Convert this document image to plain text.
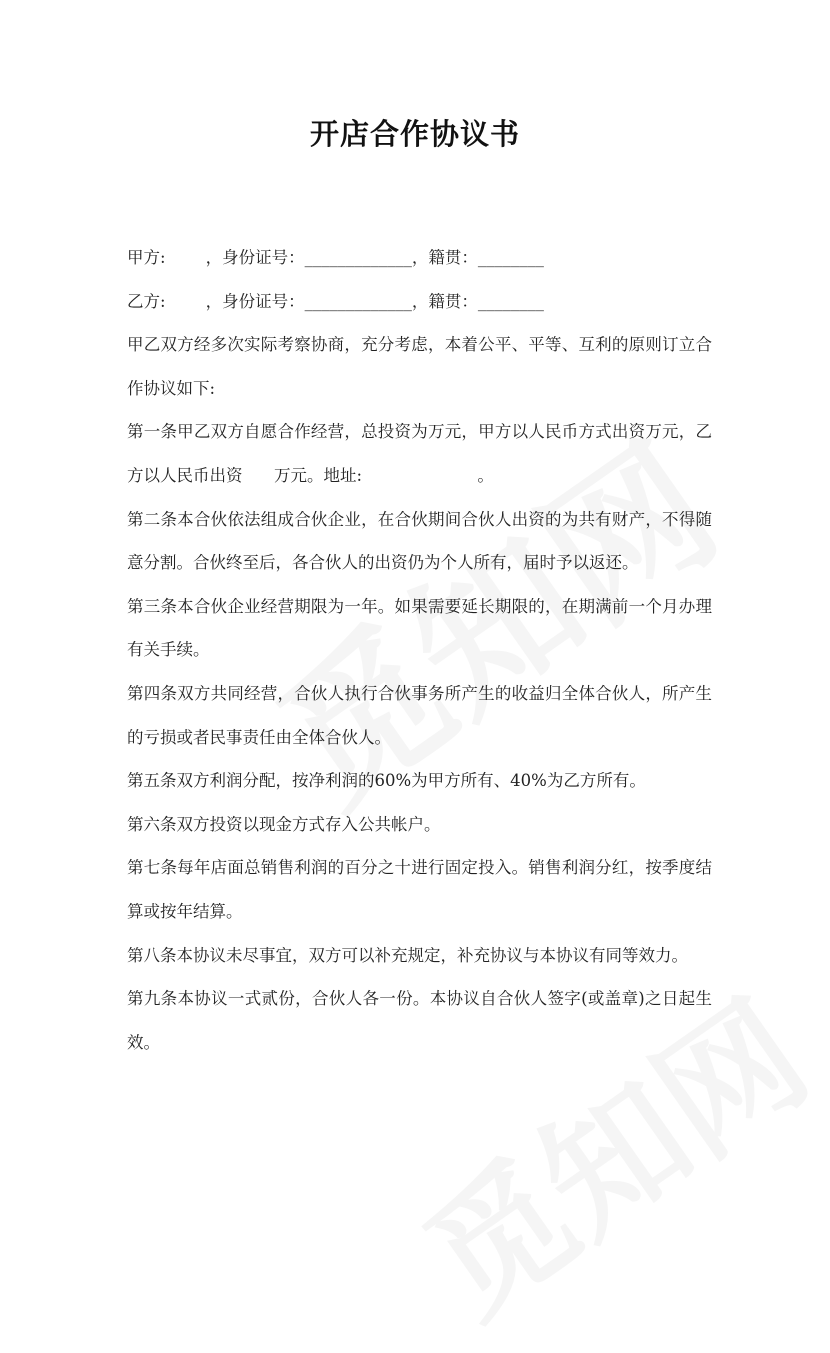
开店合作协议书
甲方: ，身份证号：_____________，籍贯：________
乙方: ，身份证号：_____________，籍贯：________
甲乙双方经多次实际考察协商，充分考虑，本着公平、平等、互利的原则订立合
作协议如下:
第一条甲乙双方自愿合作经营，总投资为万元，甲方以人民币方式出资万元，乙
方以人民币出资      万元。地址:                      。
第二条本合伙依法组成合伙企业，在合伙期间合伙人出资的为共有财产，不得随
意分割。合伙终至后，各合伙人的出资仍为个人所有，届时予以返还。
第三条本合伙企业经营期限为一年。如果需要延长期限的，在期满前一个月办理
有关手续。
第四条双方共同经营，合伙人执行合伙事务所产生的收益归全体合伙人，所产生
的亏损或者民事责任由全体合伙人。
第五条双方利润分配，按净利润的60%为甲方所有、40%为乙方所有。
第六条双方投资以现金方式存入公共帐户。
第七条每年店面总销售利润的百分之十进行固定投入。销售利润分红，按季度结
算或按年结算。
第八条本协议未尽事宜，双方可以补充规定，补充协议与本协议有同等效力。
第九条本协议一式贰份，合伙人各一份。本协议自合伙人签字(或盖章)之日起生
效。
